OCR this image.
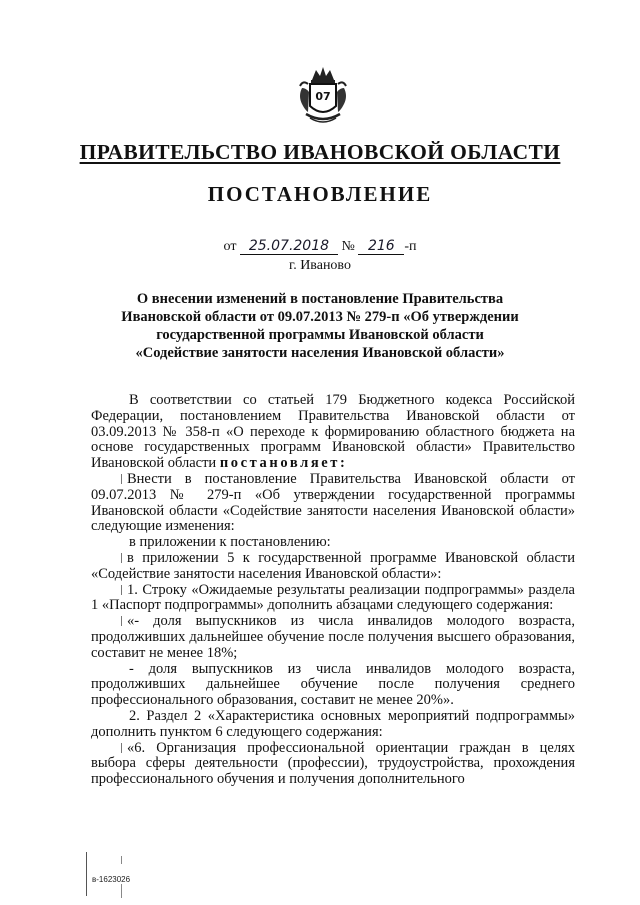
07
ПРАВИТЕЛЬСТВО ИВАНОВСКОЙ ОБЛАСТИ
ПОСТАНОВЛЕНИЕ
от 25.07.2018 № 216 -п
г. Иваново
О внесении изменений в постановление Правительства
Ивановской области от 09.07.2013 № 279-п «Об утверждении
государственной программы Ивановской области
«Содействие занятости населения Ивановской области»

В соответствии со статьей 179 Бюджетного кодекса Российской Федерации, постановлением Правительства Ивановской области от 03.09.2013 № 358-п «О переходе к формированию областного бюджета на основе государственных программ Ивановской области» Правительство Ивановской области постановляет:

Внести в постановление Правительства Ивановской области от 09.07.2013 № 279-п «Об утверждении государственной программы Ивановской области «Содействие занятости населения Ивановской области» следующие изменения:

в приложении к постановлению:

в приложении 5 к государственной программе Ивановской области «Содействие занятости населения Ивановской области»:

1. Строку «Ожидаемые результаты реализации подпрограммы» раздела 1 «Паспорт подпрограммы» дополнить абзацами следующего содержания:

«- доля выпускников из числа инвалидов молодого возраста, продолживших дальнейшее обучение после получения высшего образования, составит не менее 18%;

- доля выпускников из числа инвалидов молодого возраста, продолживших дальнейшее обучение после получения среднего профессионального образования, составит не менее 20%».

2. Раздел 2 «Характеристика основных мероприятий подпрограммы» дополнить пунктом 6 следующего содержания:

«6. Организация профессиональной ориентации граждан в целях выбора сферы деятельности (профессии), трудоустройства, прохождения профессионального обучения и получения дополнительного

в-1623026
